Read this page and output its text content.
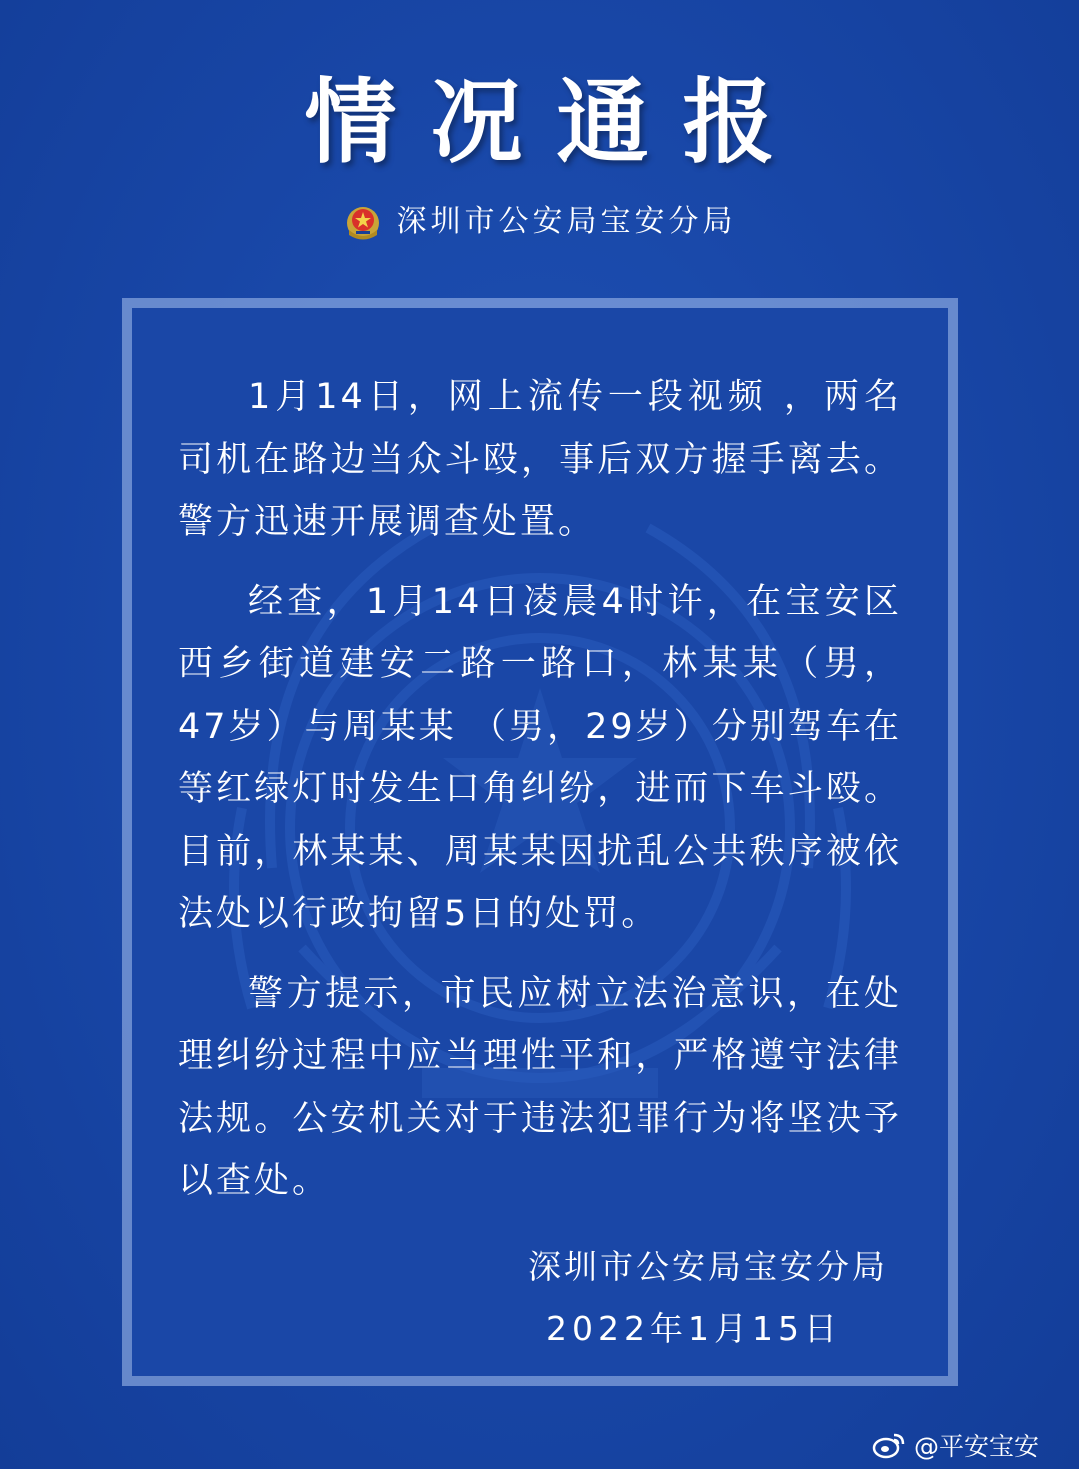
情况通报
深圳市公安局宝安分局

1月14日，网上流传一段视频 ，两名司机在路边当众斗殴，事后双方握手离去。警方迅速开展调查处置。

经查，1月14日凌晨4时许，在宝安区西乡街道建安二路一路口，林某某（男，47岁）与周某某 （男，29岁）分别驾车在等红绿灯时发生口角纠纷，进而下车斗殴。目前，林某某、周某某因扰乱公共秩序被依法处以行政拘留5日的处罚。

警方提示，市民应树立法治意识，在处理纠纷过程中应当理性平和，严格遵守法律法规。公安机关对于违法犯罪行为将坚决予以查处。

深圳市公安局宝安分局
2022年1月15日
@平安宝安
